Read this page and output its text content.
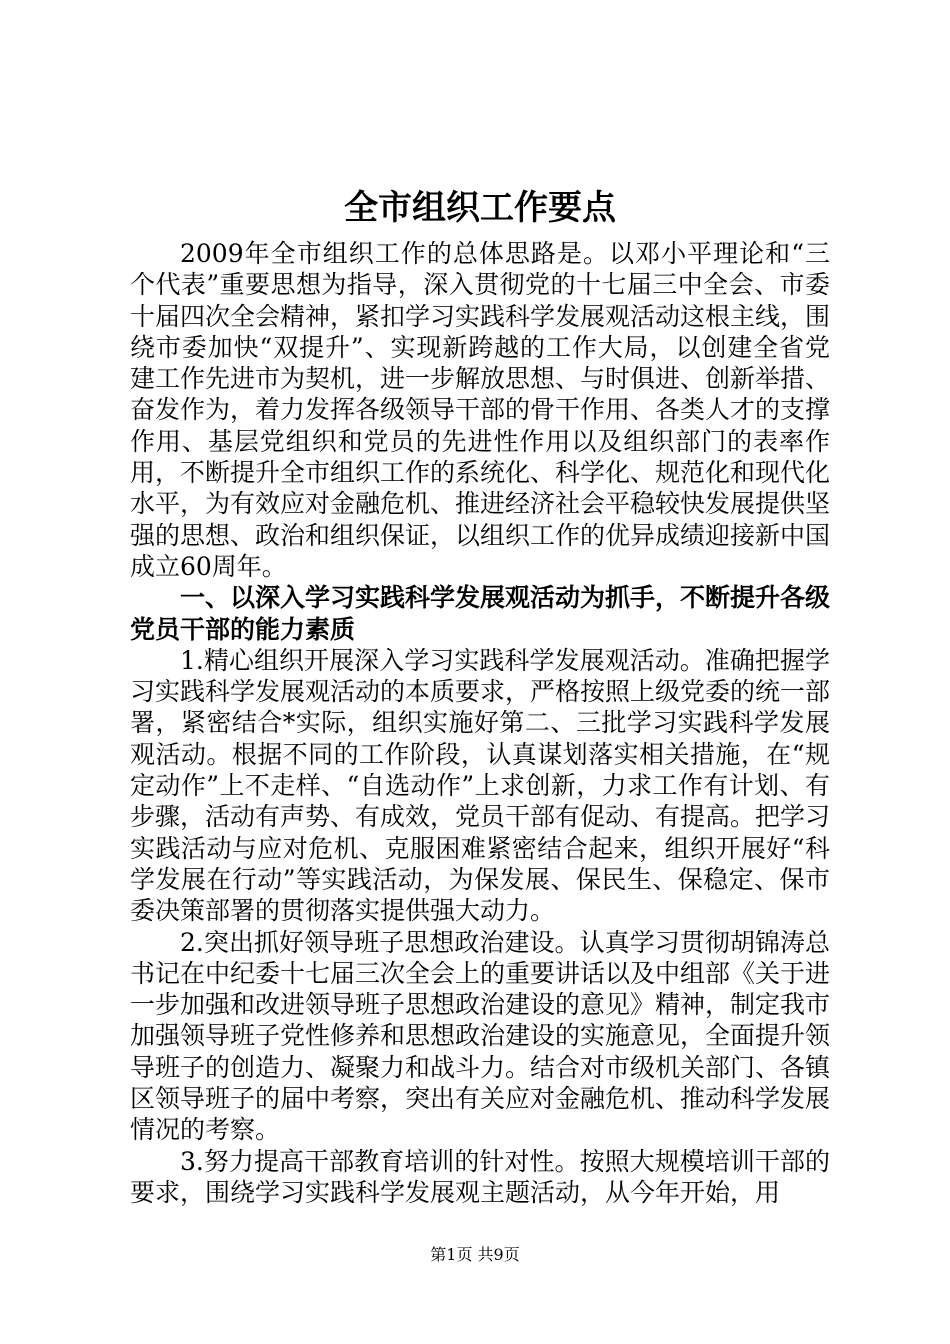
全市组织工作要点

2009年全市组织工作的总体思路是。以邓小平理论和“三个代表”重要思想为指导，深入贯彻党的十七届三中全会、市委十届四次全会精神，紧扣学习实践科学发展观活动这根主线，围绕市委加快“双提升”、实现新跨越的工作大局，以创建全省党建工作先进市为契机，进一步解放思想、与时俱进、创新举措、奋发作为，着力发挥各级领导干部的骨干作用、各类人才的支撑作用、基层党组织和党员的先进性作用以及组织部门的表率作用，不断提升全市组织工作的系统化、科学化、规范化和现代化水平，为有效应对金融危机、推进经济社会平稳较快发展提供坚强的思想、政治和组织保证，以组织工作的优异成绩迎接新中国成立60周年。

一、以深入学习实践科学发展观活动为抓手，不断提升各级党员干部的能力素质

1.精心组织开展深入学习实践科学发展观活动。准确把握学习实践科学发展观活动的本质要求，严格按照上级党委的统一部署，紧密结合*实际，组织实施好第二、三批学习实践科学发展观活动。根据不同的工作阶段，认真谋划落实相关措施，在“规定动作”上不走样、“自选动作”上求创新，力求工作有计划、有步骤，活动有声势、有成效，党员干部有促动、有提高。把学习实践活动与应对危机、克服困难紧密结合起来，组织开展好“科学发展在行动”等实践活动，为保发展、保民生、保稳定、保市委决策部署的贯彻落实提供强大动力。

2.突出抓好领导班子思想政治建设。认真学习贯彻胡锦涛总书记在中纪委十七届三次全会上的重要讲话以及中组部《关于进一步加强和改进领导班子思想政治建设的意见》精神，制定我市加强领导班子党性修养和思想政治建设的实施意见，全面提升领导班子的创造力、凝聚力和战斗力。结合对市级机关部门、各镇区领导班子的届中考察，突出有关应对金融危机、推动科学发展情况的考察。

3.努力提高干部教育培训的针对性。按照大规模培训干部的要求，围绕学习实践科学发展观主题活动，从今年开始，用

第1页 共9页
